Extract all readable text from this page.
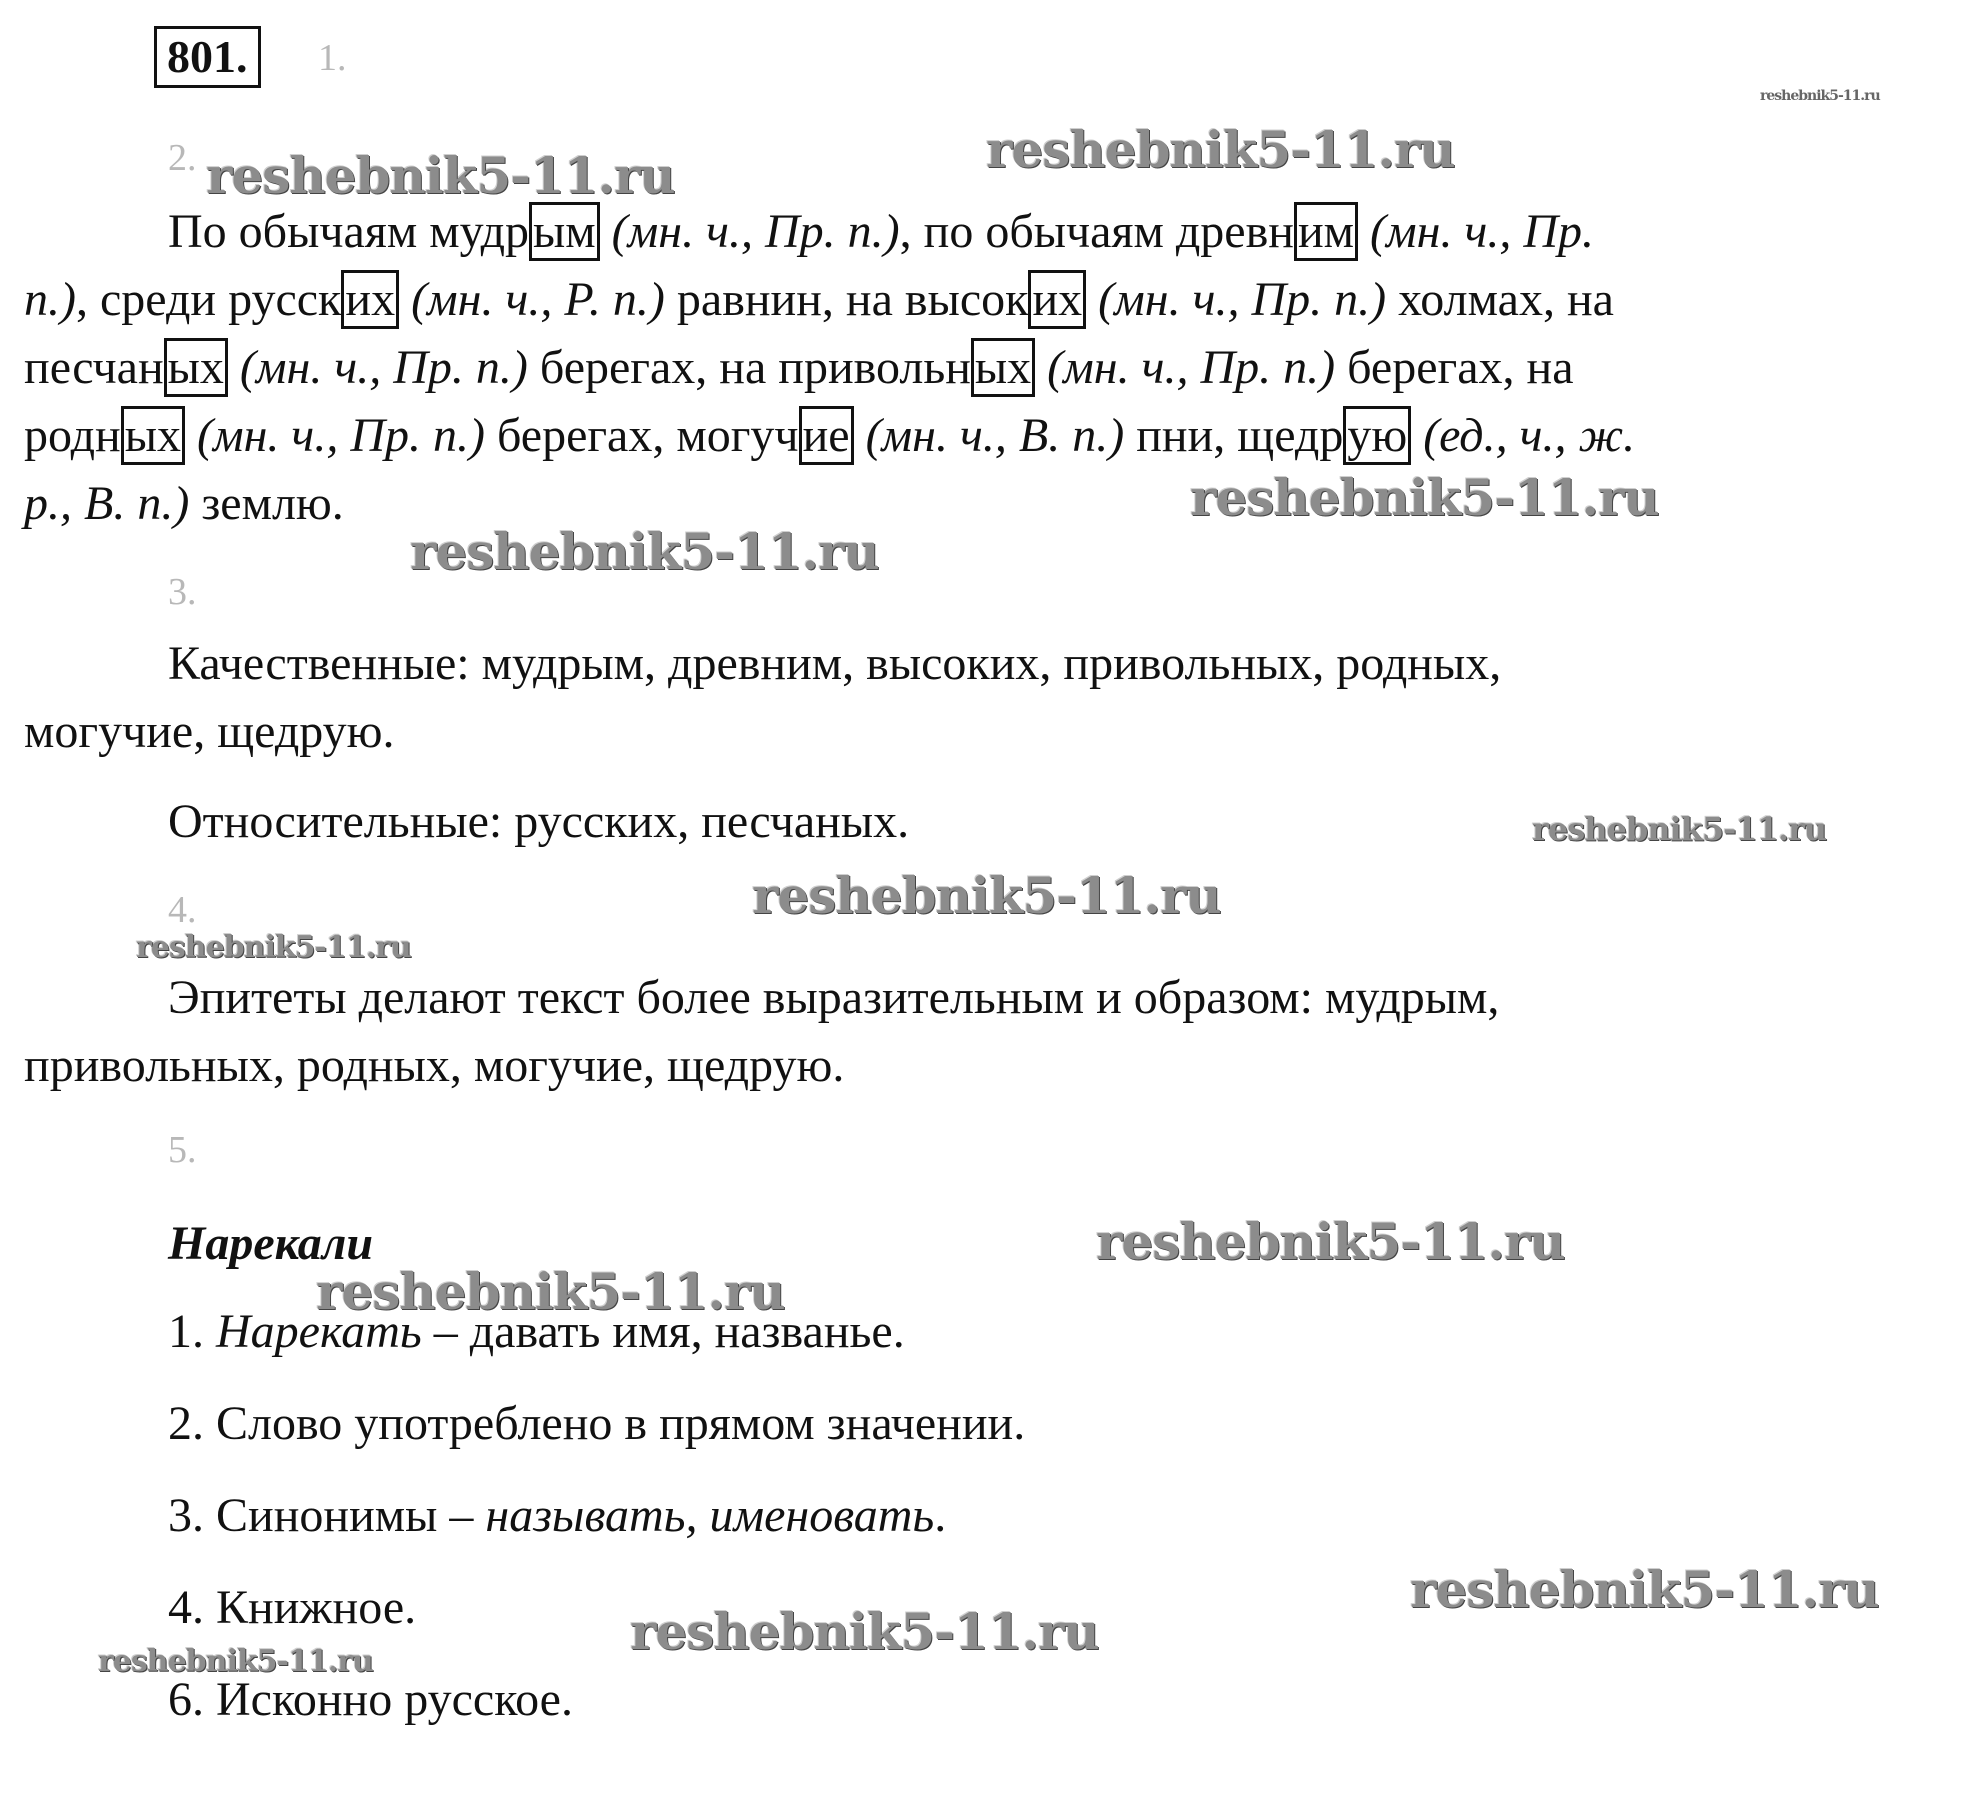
801.	1.
2.
По обычаям мудрым (мн. ч., Пр. п.), по обычаям древним (мн. ч., Пр.
п.), среди русских (мн. ч., Р. п.) равнин, на высоких (мн. ч., Пр. п.) холмах, на
песчаных (мн. ч., Пр. п.) берегах, на привольных (мн. ч., Пр. п.) берегах, на
родных (мн. ч., Пр. п.) берегах, могучие (мн. ч., В. п.) пни, щедрую (ед., ч., ж.
р., В. п.) землю.
3.
Качественные: мудрым, древним, высоких, привольных, родных,
могучие, щедрую.
Относительные: русских, песчаных.
4.
Эпитеты делают текст более выразительным и образом: мудрым,
привольных, родных, могучие, щедрую.
5.
Нарекали
1. Нарекать – давать имя, названье.
2. Слово употреблено в прямом значении.
3. Синонимы – называть, именовать.
4. Книжное.
6. Исконно русское.
reshebnik5-11.ru
reshebnik5-11.ru	reshebnik5-11.ru
reshebnik5-11.ru
reshebnik5-11.ru
reshebnik5-11.ru
reshebnik5-11.ru
reshebnik5-11.ru
reshebnik5-11.ru
reshebnik5-11.ru
reshebnik5-11.ru
reshebnik5-11.ru
reshebnik5-11.ru
